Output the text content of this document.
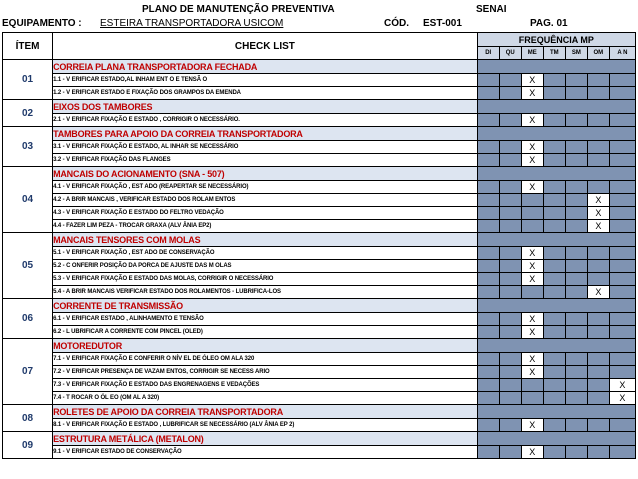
PLANO DE MANUTENÇÃO PREVENTIVA	SENAI
EQUIPAMENTO : ESTEIRA TRANSPORTADORA USICOM	CÓD. EST-001	PAG. 01
ÍTEM	CHECK LIST	FREQUÊNCIA MP						
		DI	QU	ME	TM	SM	OM	A N
01	CORREIA PLANA TRANSPORTADORA FECHADA							
	1.1 - V ERIFICAR ESTADO,AL INHAM ENT O E TENSÃ O			X				
	1.2 - V ERIFICAR ESTADO E FIXAÇÃO DOS GRAMPOS DA EMENDA			X				
02	EIXOS DOS TAMBORES							
	2.1 - V ERIFICAR FIXAÇÃO E ESTADO , CORRIGIR O NECESSÁRIO.			X				
03	TAMBORES PARA APOIO DA CORREIA TRANSPORTADORA							
	3.1 - V ERIFICAR FIXAÇÃO E ESTADO, AL INHAR SE NECESSÁRIO			X				
	3.2 - V ERIFICAR FIXAÇÃO DAS FLANGES			X				
04	MANCAIS DO ACIONAMENTO (SNA - 507)							
	4.1 - V ERIFICAR FIXAÇÃO , EST ADO (REAPERTAR SE NECESSÁRIO)			X				
	4.2 - A BRIR MANCAIS , VERIFICAR ESTADO DOS ROLAM ENTOS						X	
	4.3 - V ERIFICAR FIXAÇÃO E ESTADO DO FELTRO VEDAÇÃO						X	
	4.4 - FAZER LIM PEZA - TROCAR GRAXA (ALV ÂNIA EP2)						X	
05	MANCAIS TENSORES COM MOLAS							
	5.1 - V ERIFICAR FIXAÇÃO , EST ADO DE CONSERVAÇÃO			X				
	5.2 - C ONFERIR POSIÇÃO DA PORCA DE AJUSTE DAS M OLAS			X				
	5.3 - V ERIFICAR FIXAÇÃO E ESTADO DAS MOLAS, CORRIGIR O NECESSÁRIO			X				
	5.4 - A BRIR MANCAIS VERIFICAR ESTADO DOS ROLAMENTOS - LUBRIFICA-LOS						X	
06	CORRENTE DE TRANSMISSÃO							
	6.1 - V ERIFICAR ESTADO , ALINHAMENTO E TENSÃO			X				
	6.2 - L UBRIFICAR A CORRENTE COM PINCEL (OLED)			X				
07	MOTOREDUTOR							
	7.1 - V ERIFICAR FIXAÇÃO E CONFERIR O NÍV EL DE ÓLEO OM ALA 320			X				
	7.2 - V ERIFICAR PRESENÇA DE VAZAM ENTOS, CORRIGIR SE NECESS ARIO			X				
	7.3 - V ERIFICAR FIXAÇÃO E ESTADO DAS ENGRENAGENS E VEDAÇÕES							X
	7.4 - T ROCAR O ÓL EO (OM AL A 320)							X
08	ROLETES DE APOIO DA CORREIA TRANSPORTADORA							
	8.1 - V ERIFICAR FIXAÇÃO E ESTADO , LUBRIFICAR SE NECESSÁRIO (ALV ÂNIA EP 2)			X				
09	ESTRUTURA METÁLICA (METALON)							
	9.1 - V ERIFICAR ESTADO DE CONSERVAÇÃO			X				
